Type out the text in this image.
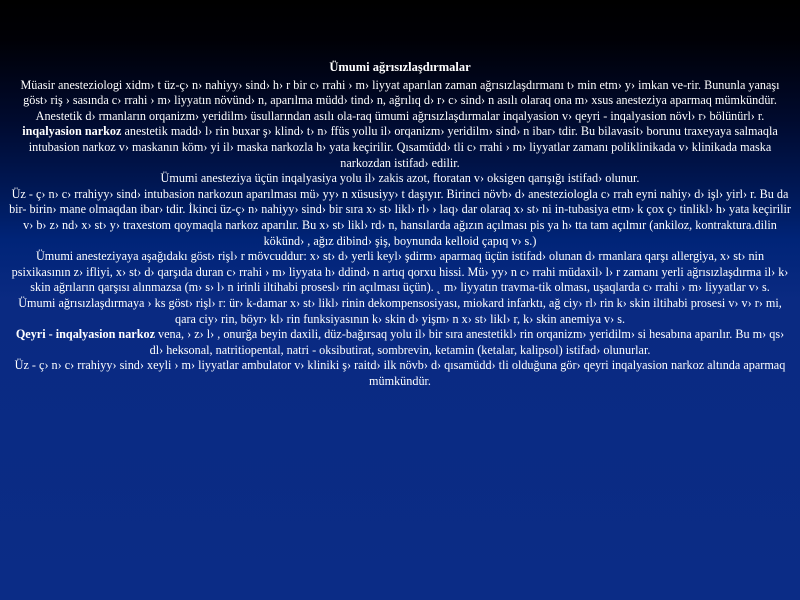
Ümumi ağrısızlaşdırmalar

Müasir anesteziologi xidm› t üz-ç› n› nahiyy› sind› h› r bir c› rrahi › m› liyyat aparılan zaman ağrısızlaşdırmanı t› min etm› y› imkan ve-rir. Bununla yanaşı göst› riş › sasında c› rrahi › m› liyyatın növünd› n, aparılma müdd› tind› n, ağrılıq d› r› c› sind› n asılı olaraq ona m› xsus anesteziya aparmaq mümkündür.

Anestetik d› rmanların orqanizm› yeridilm› üsullarından asılı ola-raq ümumi ağrısızlaşdırmalar inqalyasion v› qeyri - inqalyasion növl› r› bölünürl› r.

inqalyasion narkoz anestetik madd› l› rin buxar ş› klind› t› n› ffüs yollu il› orqanizm› yeridilm› sind› n ibar› tdir. Bu bilavasit› borunu traxeyaya salmaqla intubasion narkoz v› maskanın köm› yi il› maska narkozla h› yata keçirilir. Qısamüdd› tli c› rrahi › m› liyyatlar zamanı poliklinikada v› klinikada maska narkozdan istifad› edilir.

Ümumi anesteziya üçün inqalyasiya yolu il› zakis azot, ftoratan v› oksigen qarışığı istifad› olunur.

Üz - ç› n› c› rrahiyy› sind› intubasion narkozun aparılması mü› yy› n xüsusiyy› t daşıyır. Birinci növb› d› anesteziologla c› rrah eyni nahiy› d› işl› yirl› r. Bu da bir- birin› mane olmaqdan ibar› tdir. İkinci üz-ç› n› nahiyy› sind› bir sıra x› st› likl› rl› › laq› dar olaraq x› st› ni in-tubasiya etm› k çox ç› tinlikl› h› yata keçirilir v› b› z› nd› x› st› y› traxestom qoymaqla narkoz aparılır. Bu x› st› likl› rd› n, hansılarda ağızın açılması pis ya h› tta tam açılmır (ankiloz, kontraktura.dilin kökünd› , ağız dibind› şiş, boynunda kelloid çapıq v› s.)

Ümumi anesteziyaya aşağıdakı göst› rişl› r mövcuddur: x› st› d› yerli keyl› şdirm› aparmaq üçün istifad› olunan d› rmanlara qarşı allergiya, x› st› nin psixikasının z› ifliyi, x› st› d› qarşıda duran c› rrahi › m› liyyata h› ddind› n artıq qorxu hissi. Mü› yy› n c› rrahi müdaxil› l› r zamanı yerli ağrısızlaşdırma il› k› skin ağrıların qarşısı alınmazsa (m› s› l› n irinli iltihabi prosesl› rin açılması üçün). ˛ m› liyyatın travma-tik olması, uşaqlarda c› rrahi › m› liyyatlar v› s.

Ümumi ağrısızlaşdırmaya › ks göst› rişl› r: ür› k-damar x› st› likl› rinin dekompensosiyası, miokard infarktı, ağ ciy› rl› rin k› skin iltihabi prosesi v› v› r› mi, qara ciy› rin, böyr› kl› rin funksiyasının k› skin d› yişm› n x› st› likl› r, k› skin anemiya v› s.

Qeyri - inqalyasion narkoz vena, › z› l› , onurğa beyin daxili, düz-bağırsaq yolu il› bir sıra anestetikl› rin orqanizm› yeridilm› si hesabına aparılır. Bu m› qs› dl› heksonal, natritiopental, natri - oksibutirat, sombrevin, ketamin (ketalar, kalipsol) istifad› olunurlar.

Üz - ç› n› c› rrahiyy› sind› xeyli › m› liyyatlar ambulator v› kliniki ş› raitd› ilk növb› d› qısamüdd› tli olduğuna gör› qeyri inqalyasion narkoz altında aparmaq mümkündür.
